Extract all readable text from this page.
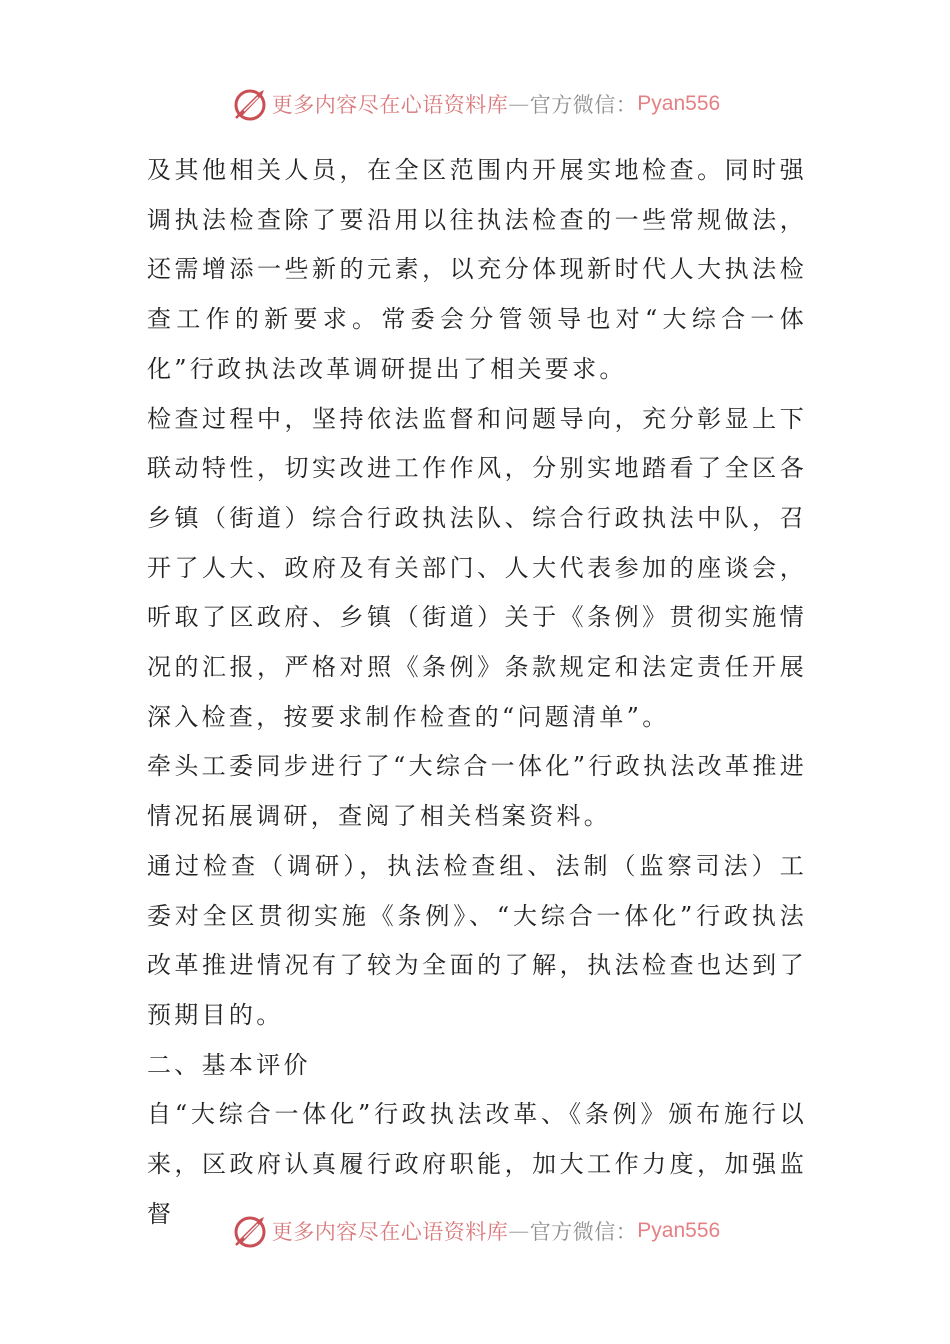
更多内容尽在心语资料库 — 官方微信： Pyan556

及其他相关人员，在全区范围内开展实地检查。同时强调执法检查除了要沿用以往执法检查的一些常规做法，还需增添一些新的元素，以充分体现新时代人大执法检查工作的新要求。常委会分管领导也对“大综合一体化”行政执法改革调研提出了相关要求。

检查过程中，坚持依法监督和问题导向，充分彰显上下联动特性，切实改进工作作风，分别实地踏看了全区各乡镇（街道）综合行政执法队、综合行政执法中队，召开了人大、政府及有关部门、人大代表参加的座谈会，听取了区政府、乡镇（街道）关于《条例》贯彻实施情况的汇报，严格对照《条例》条款规定和法定责任开展深入检查，按要求制作检查的“问题清单”。

牵头工委同步进行了“大综合一体化”行政执法改革推进情况拓展调研，查阅了相关档案资料。

通过检查（调研），执法检查组、法制（监察司法）工委对全区贯彻实施《条例》、“大综合一体化”行政执法改革推进情况有了较为全面的了解，执法检查也达到了预期目的。

二、基本评价

自“大综合一体化”行政执法改革、《条例》颁布施行以来，区政府认真履行政府职能，加大工作力度，加强监督

更多内容尽在心语资料库 — 官方微信： Pyan556
